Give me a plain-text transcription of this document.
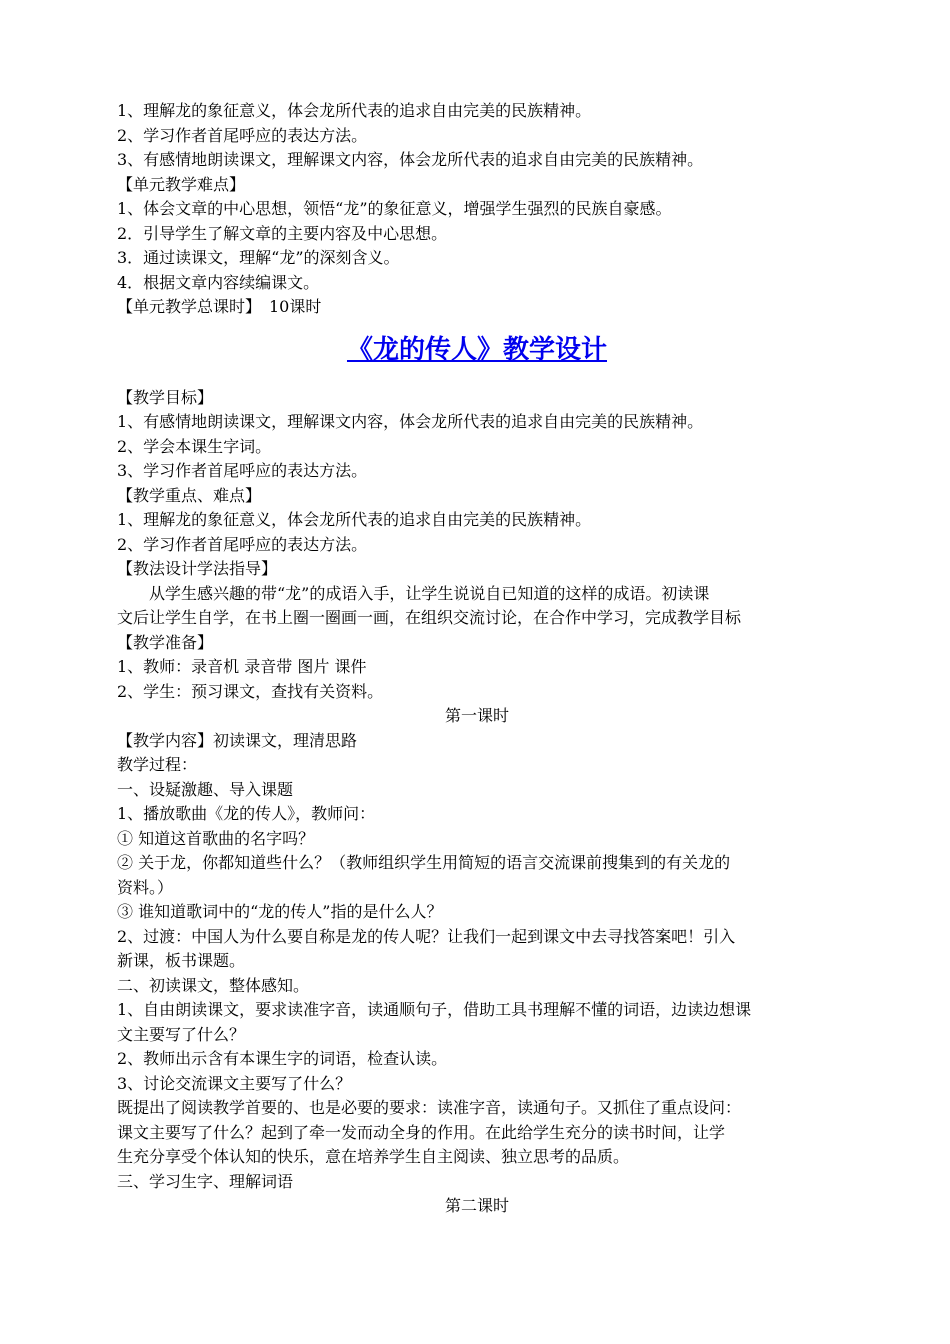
1、理解龙的象征意义，体会龙所代表的追求自由完美的民族精神。
2、学习作者首尾呼应的表达方法。
3、有感情地朗读课文，理解课文内容，体会龙所代表的追求自由完美的民族精神。
【单元教学难点】
1、体会文章的中心思想，领悟“龙”的象征意义，增强学生强烈的民族自豪感。
2．引导学生了解文章的主要内容及中心思想。
3．通过读课文，理解“龙”的深刻含义。
4．根据文章内容续编课文。
【单元教学总课时】　10课时
《龙的传人》教学设计
【教学目标】
1、有感情地朗读课文，理解课文内容，体会龙所代表的追求自由完美的民族精神。
2、学会本课生字词。
3、学习作者首尾呼应的表达方法。
【教学重点、难点】
1、理解龙的象征意义，体会龙所代表的追求自由完美的民族精神。
2、学习作者首尾呼应的表达方法。
【教法设计学法指导】
从学生感兴趣的带“龙”的成语入手，让学生说说自已知道的这样的成语。初读课
文后让学生自学，在书上圈一圈画一画，在组织交流讨论，在合作中学习，完成教学目标
【教学准备】
1、教师：录音机 录音带 图片 课件
2、学生：预习课文，查找有关资料。
第一课时
【教学内容】初读课文，理清思路
教学过程：
一、设疑激趣、导入课题
1、播放歌曲《龙的传人》，教师问：
① 知道这首歌曲的名字吗？
② 关于龙，你都知道些什么？（教师组织学生用简短的语言交流课前搜集到的有关龙的
资料。）
③ 谁知道歌词中的“龙的传人”指的是什么人？
2、过渡：中国人为什么要自称是龙的传人呢？让我们一起到课文中去寻找答案吧！引入
新课，板书课题。
二、初读课文，整体感知。
1、自由朗读课文，要求读准字音，读通顺句子，借助工具书理解不懂的词语，边读边想课
文主要写了什么？
2、教师出示含有本课生字的词语，检查认读。
3、讨论交流课文主要写了什么？
既提出了阅读教学首要的、也是必要的要求：读准字音，读通句子。又抓住了重点设问：
课文主要写了什么？起到了牵一发而动全身的作用。在此给学生充分的读书时间，让学
生充分享受个体认知的快乐，意在培养学生自主阅读、独立思考的品质。
三、学习生字、理解词语
第二课时
